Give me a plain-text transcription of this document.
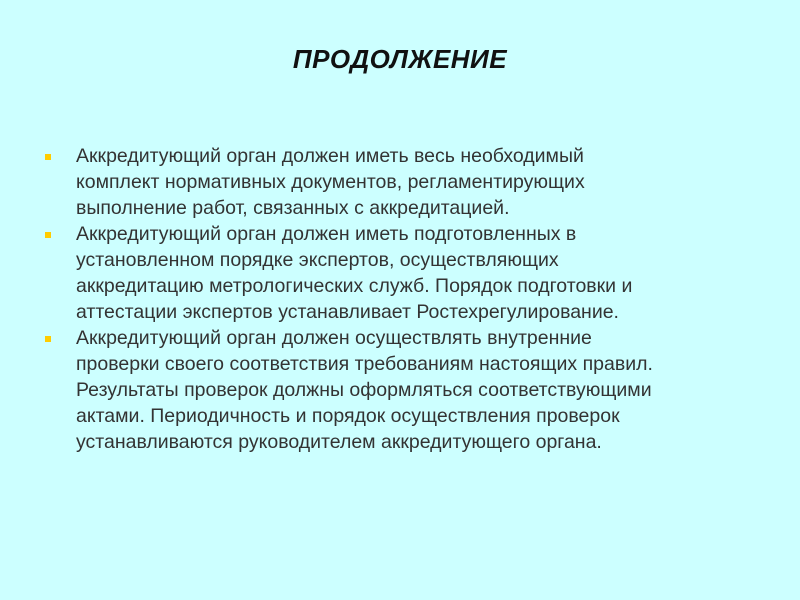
ПРОДОЛЖЕНИЕ
Аккредитующий орган должен иметь весь необходимый
комплект нормативных документов, регламентирующих
выполнение работ, связанных с аккредитацией.
Аккредитующий орган должен иметь подготовленных в
установленном порядке экспертов, осуществляющих
аккредитацию метрологических служб. Порядок подготовки и
аттестации экспертов устанавливает Ростехрегулирование.
Аккредитующий орган должен осуществлять внутренние
проверки своего соответствия требованиям настоящих правил.
Результаты проверок должны оформляться соответствующими
актами. Периодичность и порядок осуществления проверок
устанавливаются руководителем аккредитующего органа.
